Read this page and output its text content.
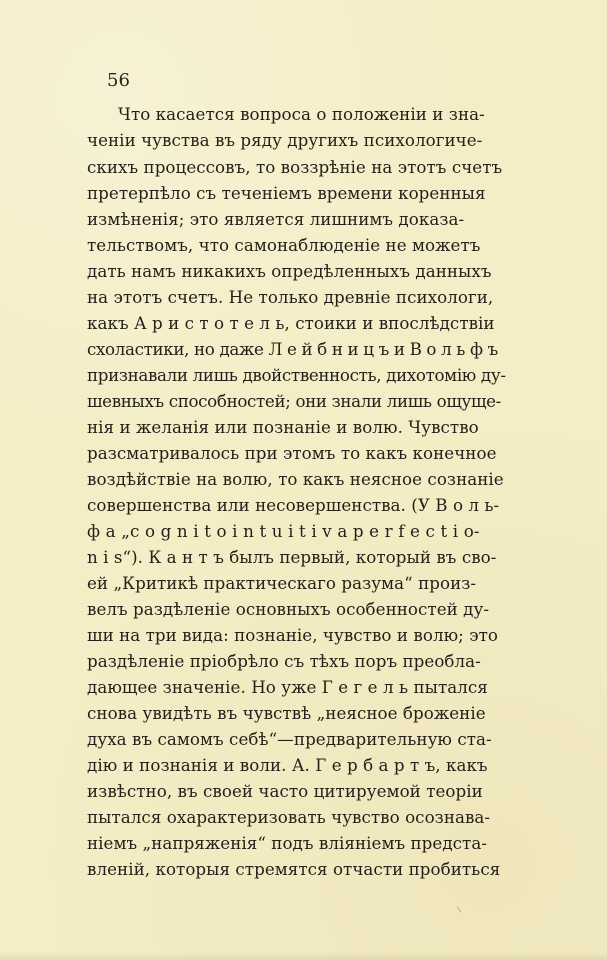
56
Что касается вопроса о положеніи и зна-
ченіи чувства въ ряду другихъ психологиче-
скихъ процессовъ, то воззрѣніе на этотъ счетъ
претерпѣло съ теченіемъ времени коренныя
измѣненія; это является лишнимъ доказа-
тельствомъ, что самонаблюденіе не можетъ
дать намъ никакихъ опредѣленныхъ данныхъ
на этотъ счетъ. Не только древніе психологи,
какъ А р и с т о т е л ь, стоики и впослѣдствіи
схоластики, но даже Л е й б н и ц ъ и В о л ь ф ъ
признавали лишь двойственность, дихотомію ду-
шевныхъ способностей; они знали лишь ощуще-
нія и желанія или познаніе и волю. Чувство
разсматривалось при этомъ то какъ конечное
воздѣйствіе на волю, то какъ неясное сознаніе
совершенства или несовершенства. (У В о л ь-
ф а „c o g n i t o i n t u i t i v a p e r f e c t i o-
n i s“). К а н т ъ былъ первый, который въ сво-
ей „Критикѣ практическаго разума“ произ-
велъ раздѣленіе основныхъ особенностей ду-
ши на три вида: познаніе, чувство и волю; это
раздѣленіе пріобрѣло съ тѣхъ поръ преобла-
дающее значеніе. Но уже Г е г е л ь пытался
снова увидѣть въ чувствѣ „неясное броженіе
духа въ самомъ себѣ“—предварительную ста-
дію и познанія и воли. А. Г е р б а р т ъ, какъ
извѣстно, въ своей часто цитируемой теоріи
пытался охарактеризовать чувство осознава-
ніемъ „напряженія“ подъ вліяніемъ предста-
вленій, которыя стремятся отчасти пробиться
